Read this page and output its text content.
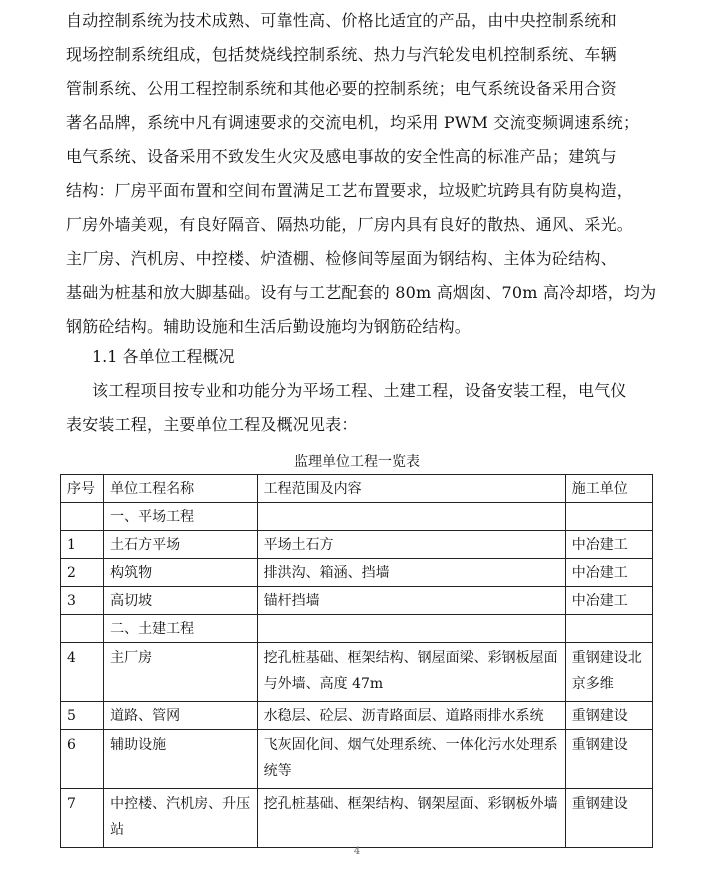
自动控制系统为技术成熟、可靠性高、价格比适宜的产品，由中央控制系统和
现场控制系统组成，包括焚烧线控制系统、热力与汽轮发电机控制系统、车辆
管制系统、公用工程控制系统和其他必要的控制系统；电气系统设备采用合资
著名品牌，系统中凡有调速要求的交流电机，均采用 PWM 交流变频调速系统；
电气系统、设备采用不致发生火灾及感电事故的安全性高的标准产品；建筑与
结构：厂房平面布置和空间布置满足工艺布置要求，垃圾贮坑跨具有防臭构造，
厂房外墙美观，有良好隔音、隔热功能，厂房内具有良好的散热、通风、采光。
主厂房、汽机房、中控楼、炉渣棚、检修间等屋面为钢结构、主体为砼结构、
基础为桩基和放大脚基础。设有与工艺配套的 80m 高烟囱、70m 高冷却塔，均为
钢筋砼结构。辅助设施和生活后勤设施均为钢筋砼结构。

1.1 各单位工程概况

该工程项目按专业和功能分为平场工程、土建工程，设备安装工程，电气仪
表安装工程，主要单位工程及概况见表：

监理单位工程一览表

序号	单位工程名称	工程范围及内容	施工单位
	一、平场工程		
1	土石方平场	平场土石方	中冶建工
2	构筑物	排洪沟、箱涵、挡墙	中冶建工
3	高切坡	锚杆挡墙	中冶建工
	二、土建工程		
4	主厂房	挖孔桩基础、框架结构、钢屋面梁、彩钢板屋面与外墙、高度 47m	重钢建设北京多维
5	道路、管网	水稳层、砼层、沥青路面层、道路雨排水系统	重钢建设
6	辅助设施	飞灰固化间、烟气处理系统、一体化污水处理系统等	重钢建设
7	中控楼、汽机房、升压站	挖孔桩基础、框架结构、钢架屋面、彩钢板外墙	重钢建设

4
